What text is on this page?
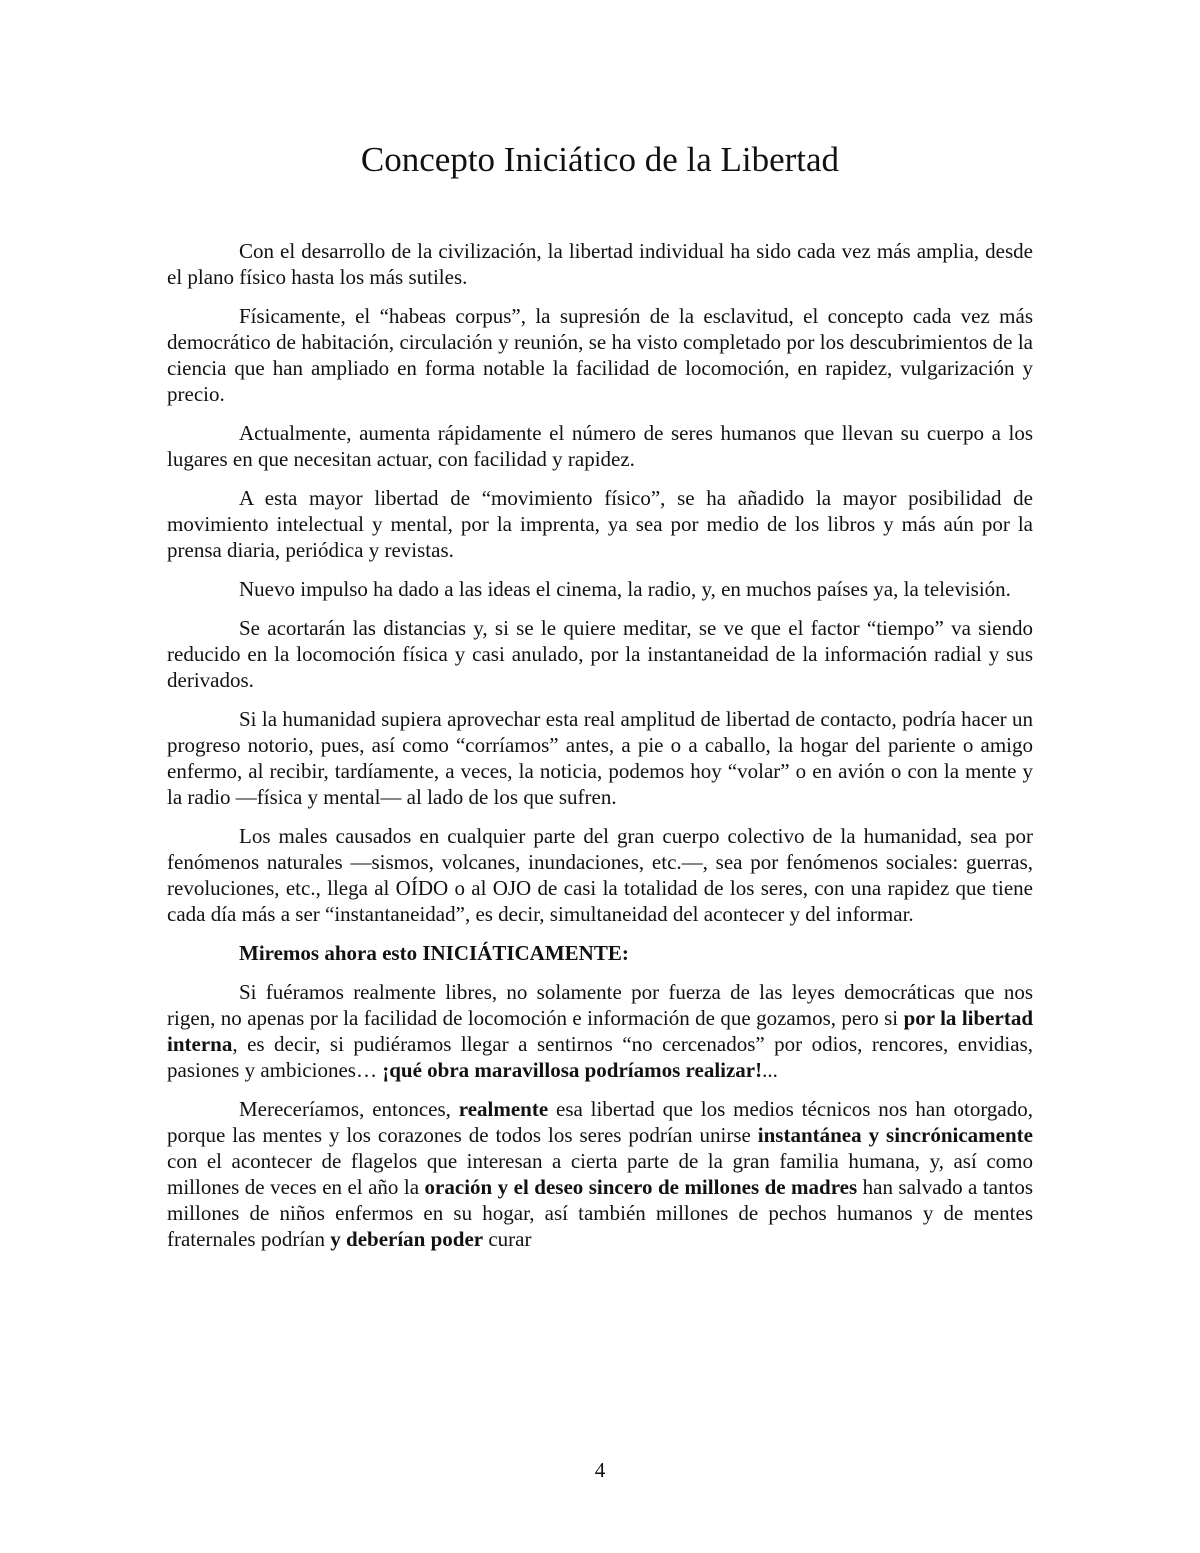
Concepto Iniciático de la Libertad

Con el desarrollo de la civilización, la libertad individual ha sido cada vez más amplia, desde el plano físico hasta los más sutiles.

Físicamente, el “habeas corpus”, la supresión de la esclavitud, el concepto cada vez más democrático de habitación, circulación y reunión, se ha visto completado por los descubrimientos de la ciencia que han ampliado en forma notable la facilidad de locomoción, en rapidez, vulgarización y precio.

Actualmente, aumenta rápidamente el número de seres humanos que llevan su cuerpo a los lugares en que necesitan actuar, con facilidad y rapidez.

A esta mayor libertad de “movimiento físico”, se ha añadido la mayor posibilidad de movimiento intelectual y mental, por la imprenta, ya sea por medio de los libros y más aún por la prensa diaria, periódica y revistas.

Nuevo impulso ha dado a las ideas el cinema, la radio, y, en muchos países ya, la televisión.

Se acortarán las distancias y, si se le quiere meditar, se ve que el factor “tiempo” va siendo reducido en la locomoción física y casi anulado, por la instantaneidad de la información radial y sus derivados.

Si la humanidad supiera aprovechar esta real amplitud de libertad de contacto, podría hacer un progreso notorio, pues, así como “corríamos” antes, a pie o a caballo, la hogar del pariente o amigo enfermo, al recibir, tardíamente, a veces, la noticia, podemos hoy “volar” o en avión o con la mente y la radio —física y mental— al lado de los que sufren.

Los males causados en cualquier parte del gran cuerpo colectivo de la humanidad, sea por fenómenos naturales —sismos, volcanes, inundaciones, etc.—, sea por fenómenos sociales: guerras, revoluciones, etc., llega al OÍDO o al OJO de casi la totalidad de los seres, con una rapidez que tiene cada día más a ser “instantaneidad”, es decir, simultaneidad del acontecer y del informar.

Miremos ahora esto INICIÁTICAMENTE:

Si fuéramos realmente libres, no solamente por fuerza de las leyes democráticas que nos rigen, no apenas por la facilidad de locomoción e información de que gozamos, pero si por la libertad interna, es decir, si pudiéramos llegar a sentirnos “no cercenados” por odios, rencores, envidias, pasiones y ambiciones… ¡qué obra maravillosa podríamos realizar!...

Mereceríamos, entonces, realmente esa libertad que los medios técnicos nos han otorgado, porque las mentes y los corazones de todos los seres podrían unirse instantánea y sincrónicamente con el acontecer de flagelos que interesan a cierta parte de la gran familia humana, y, así como millones de veces en el año la oración y el deseo sincero de millones de madres han salvado a tantos millones de niños enfermos en su hogar, así también millones de pechos humanos y de mentes fraternales podrían y deberían poder curar

4
